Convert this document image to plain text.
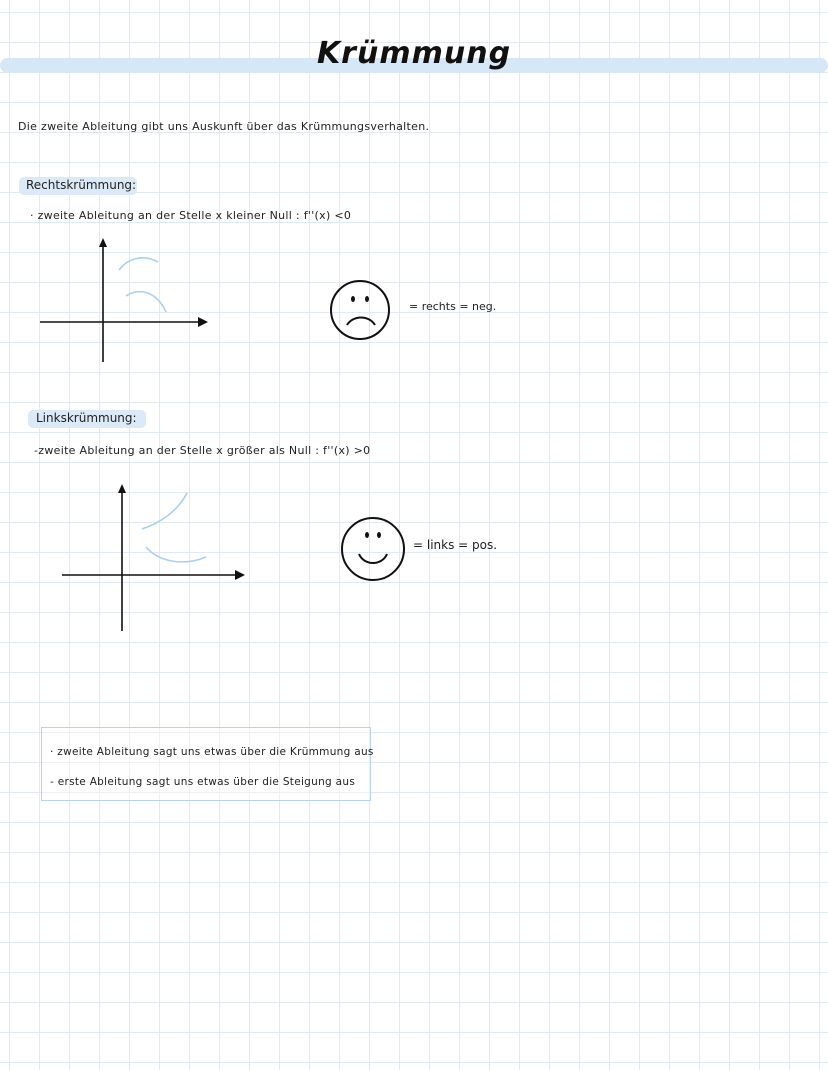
Krümmung
Die zweite Ableitung gibt uns Auskunft über das Krümmungsverhalten.
Rechtskrümmung:
· zweite Ableitung an der Stelle x kleiner Null : f''(x) <0
= rechts = neg.
Linkskrümmung:
-zweite Ableitung an der Stelle x größer als Null : f''(x) >0
= links = pos.
· zweite Ableitung sagt uns etwas über die Krümmung aus
- erste Ableitung sagt uns etwas über die Steigung aus
